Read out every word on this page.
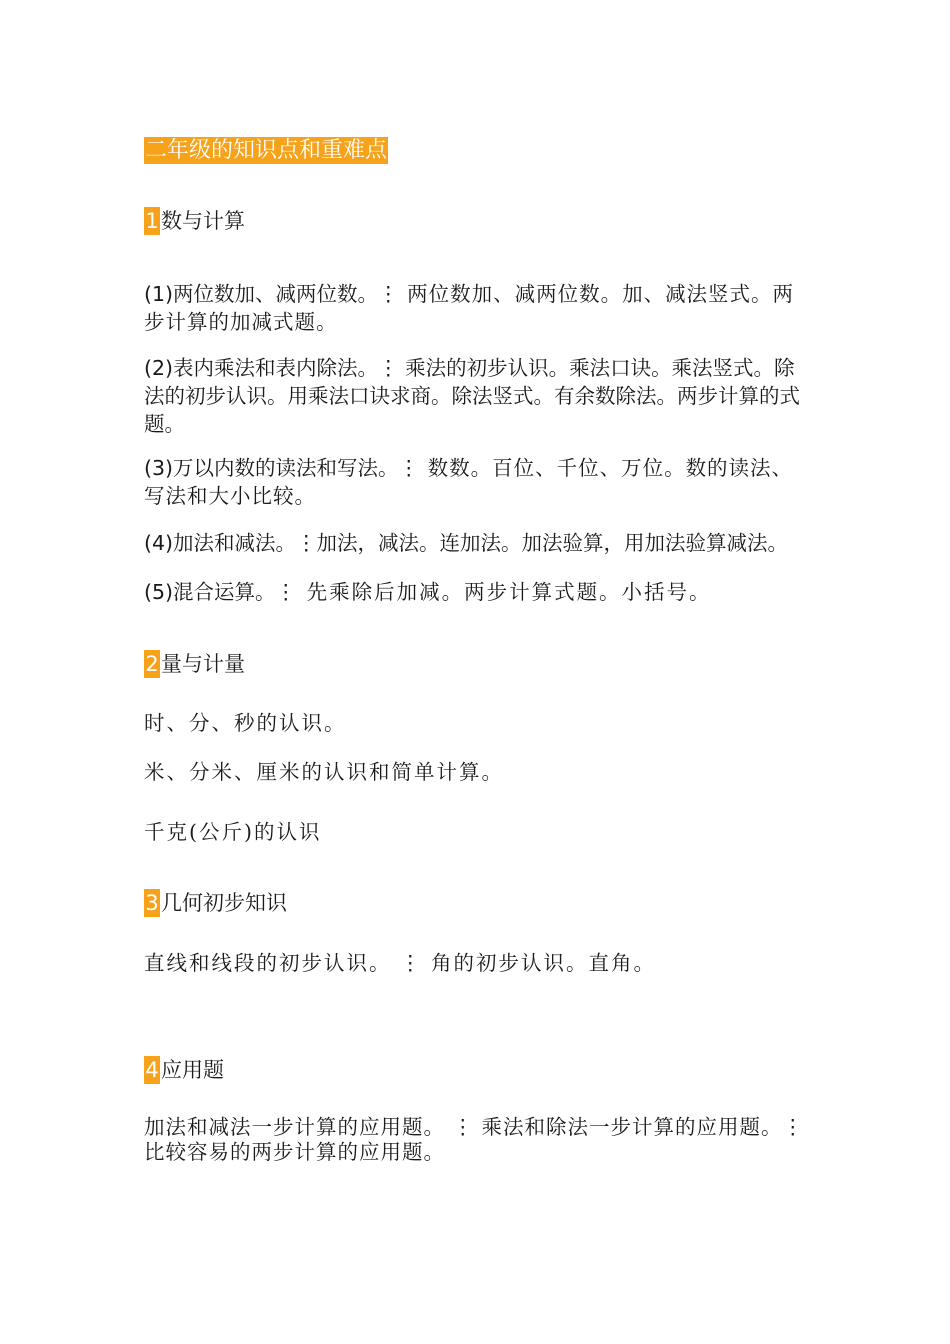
二年级的知识点和重难点
1 数与计算
(1)两位数加、减两位数。⋮ 两位数加、减两位数。加、减法竖式。两步计算的加减式题。
(2)表内乘法和表内除法。⋮ 乘法的初步认识。乘法口诀。乘法竖式。除法的初步认识。用乘法口诀求商。除法竖式。有余数除法。两步计算的式题。
(3)万以内数的读法和写法。⋮ 数数。百位、千位、万位。数的读法、写法和大小比较。
(4)加法和减法。⋮加法，减法。连加法。加法验算，用加法验算减法。
(5)混合运算。⋮ 先乘除后加减。两步计算式题。小括号。
2 量与计量
时、分、秒的认识。
米、分米、厘米的认识和简单计算。
千克(公斤)的认识
3 几何初步知识
直线和线段的初步认识。 ⋮ 角的初步认识。直角。
4 应用题
加法和减法一步计算的应用题。 ⋮ 乘法和除法一步计算的应用题。⋮比较容易的两步计算的应用题。
